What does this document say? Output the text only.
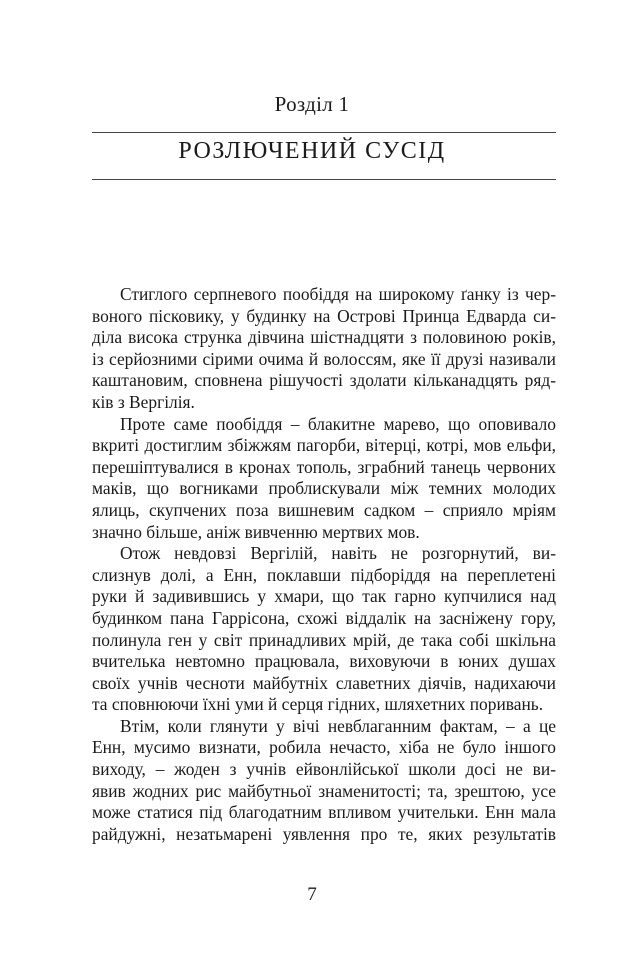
Розділ 1
РОЗЛЮЧЕНИЙ СУСІД
Стиглого серпневого пообіддя на широкому ґанку із чер-
воного пісковику, у будинку на Острові Принца Едварда си-
діла висока струнка дівчина шістнадцяти з половиною років,
із серйозними сірими очима й волоссям, яке її друзі називали
каштановим, сповнена рішучості здолати кільканадцять ряд-
ків з Вергілія.
Проте саме пообіддя – блакитне марево, що оповивало
вкриті достиглим збіжжям пагорби, вітерці, котрі, мов ельфи,
перешіптувалися в кронах тополь, зграбний танець червоних
маків, що вогниками проблискували між темних молодих
ялиць, скупчених поза вишневим садком – сприяло мріям
значно більше, аніж вивченню мертвих мов.
Отож невдовзі Вергілій, навіть не розгорнутий, ви-
слизнув долі, а Енн, поклавши підборіддя на переплетені
руки й задивившись у хмари, що так гарно купчилися над
будинком пана Гаррісона, схожі віддалік на засніжену гору,
полинула ген у світ принадливих мрій, де така собі шкільна
вчителька невтомно працювала, виховуючи в юних душах
своїх учнів чесноти майбутніх славетних діячів, надихаючи
та сповнюючи їхні уми й серця гідних, шляхетних поривань.
Втім, коли глянути у вічі невблаганним фактам, – а це
Енн, мусимо визнати, робила нечасто, хіба не було іншого
виходу, – жоден з учнів ейвонлійської школи досі не ви-
явив жодних рис майбутньої знаменитості; та, зрештою, усе
може статися під благодатним впливом учительки. Енн мала
райдужні, незатьмарені уявлення про те, яких результатів
7
